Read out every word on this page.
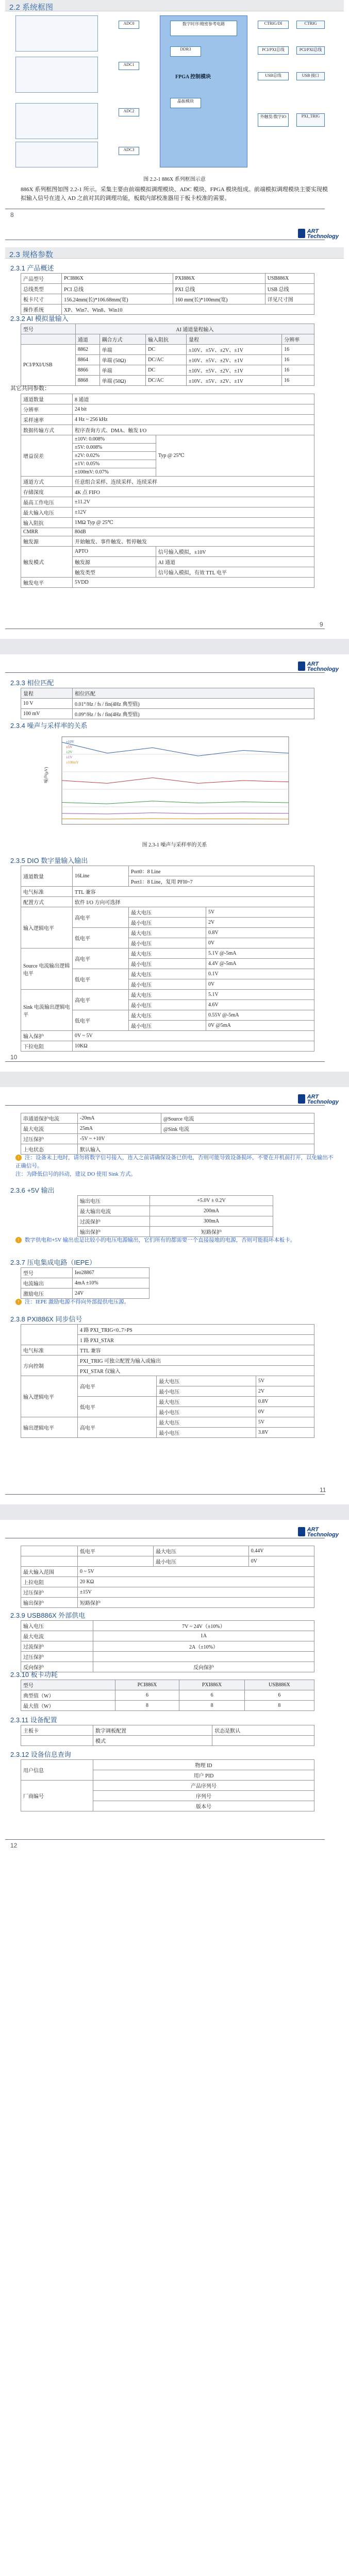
2.2 系统框图
ADC0
ADC1
ADC2
ADC3
数字时序/精密参考电路
DDR3
FPGA 控制模块
晶振模块
CTRIG/DI
PCI/PXI总线
USB总线
外触发/数字IO
CTRIG
PCI/PXI总线
USB 接口
PXI_TRIG
图 2.2-1 886X 系列框图示意
886X 系列框图如图 2.2-1 所示。采集主要由前端模拟调理模块、ADC 模块、FPGA 模块组成。前端模拟调理模块主要实现模拟输入信号在进入 AD 之前对其的调理功能，板载内部校准器用于板卡校准的需要。
8
ART
Technology
2.3 规格参数
2.3.1 产品概述
产品型号	PCI886X	PXI886X	USB886X
总线类型	PCI 总线	PXI 总线	USB 总线
板卡尺寸	156.24mm(长)*106.68mm(宽)	160 mm(长)*100mm(宽)	详见尺寸图
操作系统	XP、Win7、Win8、Win10		
2.3.2 AI 模拟量输入
型号	AI 通道量程输入				
	通道	耦合方式	输入阻抗	量程	分辨率
PCI/PXI/USB	8862	单端	DC	±10V、±5V、±2V、±1V	16
	8864	单端 (50Ω)	DC/AC	±10V、±5V、±2V、±1V	16
	8866	单端	DC	±10V、±5V、±2V、±1V	16
	8868	单端 (50Ω)	DC/AC	±10V、±5V、±2V、±1V	16
其它共同参数：
通道数量	8 通道	
分辨率	24 bit	
采样速率	4 Hz ~ 256 kHz	
数据传输方式	程序查询方式、DMA、触发 I/O	
增益误差	±10V: 0.008%	Typ @ 25℃
	±5V: 0.008%	
	±2V: 0.02%	
	±1V: 0.05%	
	±100mV: 0.07%	
通道方式	任意组合采样、连续采样、连续采样	
存储深度	4K 点 FIFO	
最高工作电压	±11.2V	
最大输入电压	±12V	
输入阻抗	1MΩ Typ @ 25℃	
CMRR	80dB	
触发源	开始触发、事件触发、暂停触发	
触发模式	APTO	信号输入模拟，±10V
	触发源	AI 通道
	触发类型	信号输入模拟，有效 TTL 电平
触发电平	5VDD	
9
ART
Technology
2.3.3 相位匹配
量程	相位匹配
10 V	0.01°/Hz / fs / fin(4Hz 典型值)
100 mV	0.09°/Hz / fs / fin(4Hz 典型值)
2.3.4 噪声与采样率的关系
±10V
±5V
±2V
±1V
±100mV
噪声(μV)
图 2.3-1 噪声与采样率的关系
2.3.5 DIO 数字量输入输出
通道数量	16Line	Port0：8 Line	
		Port1：8 Line，复用 PFI0~7	
电气标准	TTL 兼容		
配置方式	软件 I/O 方向可选择		
输入逻辑电平	高电平	最大电压	5V
		最小电压	2V
	低电平	最大电压	0.8V
		最小电压	0V
Source 电流输出逻辑电平	高电平	最大电压	5.1V @-5mA
		最小电压	4.4V @-5mA
	低电平	最大电压	0.1V
		最小电压	0V
Sink 电流输出逻辑电平	高电平	最大电压	5.1V
		最小电压	4.6V
	低电平	最大电压	0.55V @-5mA
		最小电压	0V @5mA
输入保护	0V ~ 5V		
下拉电阻	10KΩ		
10
ART
Technology
串通道保护电流	-20mA	@Source 电流
最大电流	25mA	@Sink 电流
过压保护	-5V ~ +10V	
上电状态	默认输入	
! 注：设备未上电时，请勿将数字信号接入，连入之前请确保设备已供电，否则可能导致设备损坏，不要在开机前打开，以免输出不正确信号。
注：为降低信号的抖动，建议 DO 使用 Sink 方式。
2.3.6 +5V 输出
输出电压	+5.0V ± 0.2V
最大输出电流	200mA
过流保护	300mA
输出保护	短路保护
! 数字供电和+5V 输出也是比较小的电压电源输出，它们所有的都需要一个直接接地的电源，否则可能损坏本板卡。
2.3.7 压电集成电路（IEPE）
型号	Ieo28867
电流输出	4mA ±10%
激励电压	24V
! 注：IEPE 激励电源不得向外部提供电压源。
2.3.8 PXI886X 同步信号
	4 路 PXI_TRIG<0..7>PS		
	1 路 PXI_STAR		
电气标准	TTL 兼容		
方向控制	PXI_TRIG 可独立配置为输入或输出		
	PXI_STAR 仅输入		
输入逻辑电平	高电平	最大电压	5V
		最小电压	2V
	低电平	最大电压	0.8V
		最小电压	0V
输出逻辑电平	高电平	最大电压	5V
		最小电压	3.8V
11
ART
Technology
	低电平	最大电压	0.44V
		最小电压	0V
最大输入范围	0 ~ 5V		
上拉电阻	20 KΩ		
过压保护	±15V		
输出保护	短路保护		
2.3.9 USB886X 外部供电
输入电压	7V ~ 24V（±10%）
最大电流	1A
过流保护	2A（±10%）
过压保护	
反向保护	反向保护
2.3.10 板卡功耗
型号	PCI886X	PXI886X	USB886X
典型值（W）	6	6	6
最大值（W）	8	8	8
2.3.11 设备配置
主板卡	数字调板配置	状态是默认
	模式	
2.3.12 设备信息查询
用户信息	物理 ID
	用户 PID
厂商编号	产品序列号
	序列号
	版本号
12
